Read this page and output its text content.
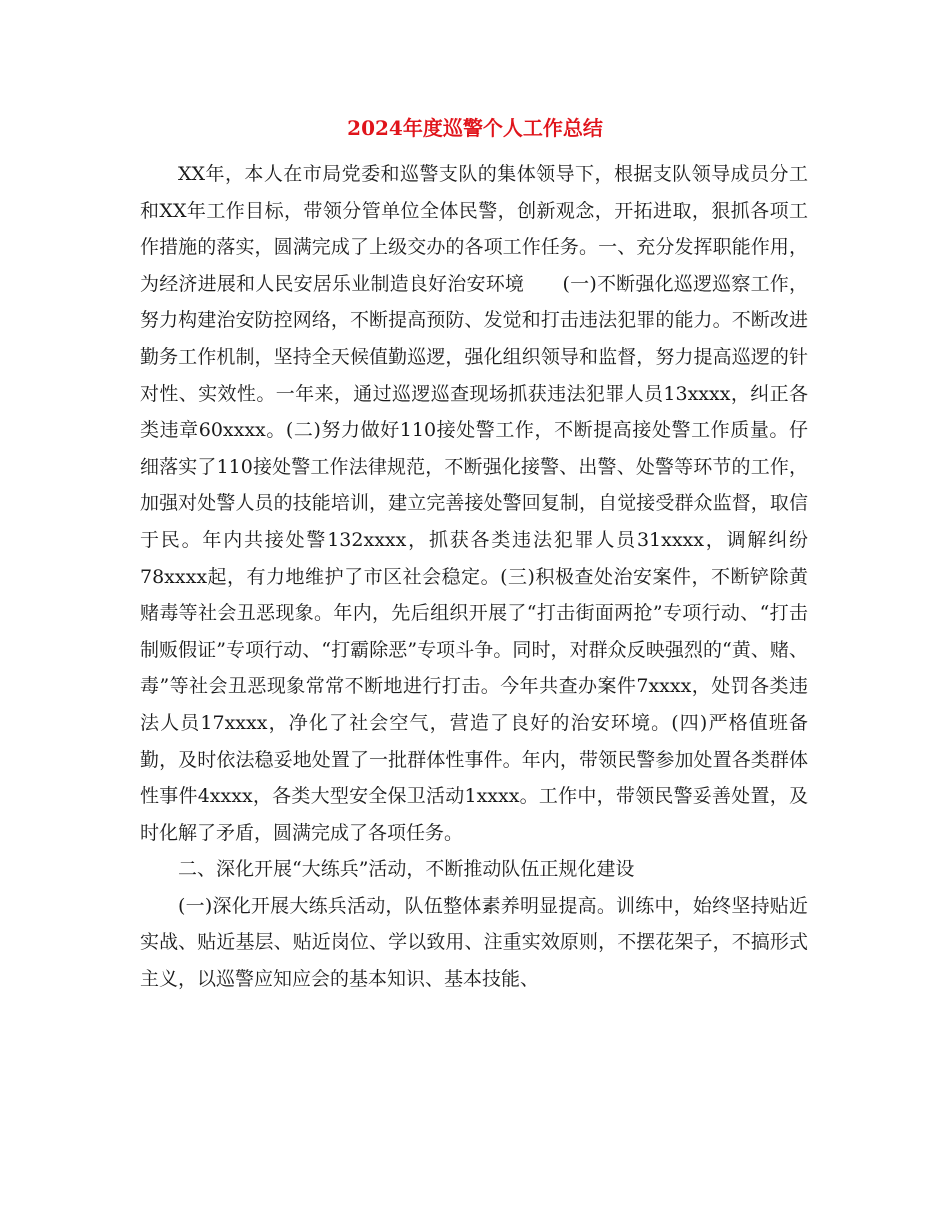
2024年度巡警个人工作总结

XX年，本人在市局党委和巡警支队的集体领导下，根据支队领导成员分工和XX年工作目标，带领分管单位全体民警，创新观念，开拓进取，狠抓各项工作措施的落实，圆满完成了上级交办的各项工作任务。一、充分发挥职能作用，为经济进展和人民安居乐业制造良好治安环境　　(一)不断强化巡逻巡察工作，努力构建治安防控网络，不断提高预防、发觉和打击违法犯罪的能力。不断改进勤务工作机制，坚持全天候值勤巡逻，强化组织领导和监督，努力提高巡逻的针对性、实效性。一年来，通过巡逻巡查现场抓获违法犯罪人员13xxxx，纠正各类违章60xxxx。(二)努力做好110接处警工作，不断提高接处警工作质量。仔细落实了110接处警工作法律规范，不断强化接警、出警、处警等环节的工作，加强对处警人员的技能培训，建立完善接处警回复制，自觉接受群众监督，取信于民。年内共接处警132xxxx，抓获各类违法犯罪人员31xxxx，调解纠纷78xxxx起，有力地维护了市区社会稳定。(三)积极查处治安案件，不断铲除黄赌毒等社会丑恶现象。年内，先后组织开展了“打击街面两抢”专项行动、“打击制贩假证”专项行动、“打霸除恶”专项斗争。同时，对群众反映强烈的“黄、赌、毒”等社会丑恶现象常常不断地进行打击。今年共查办案件7xxxx，处罚各类违法人员17xxxx，净化了社会空气，营造了良好的治安环境。(四)严格值班备勤，及时依法稳妥地处置了一批群体性事件。年内，带领民警参加处置各类群体性事件4xxxx，各类大型安全保卫活动1xxxx。工作中，带领民警妥善处置，及时化解了矛盾，圆满完成了各项任务。

二、深化开展“大练兵”活动，不断推动队伍正规化建设

(一)深化开展大练兵活动，队伍整体素养明显提高。训练中，始终坚持贴近实战、贴近基层、贴近岗位、学以致用、注重实效原则，不摆花架子，不搞形式主义，以巡警应知应会的基本知识、基本技能、
